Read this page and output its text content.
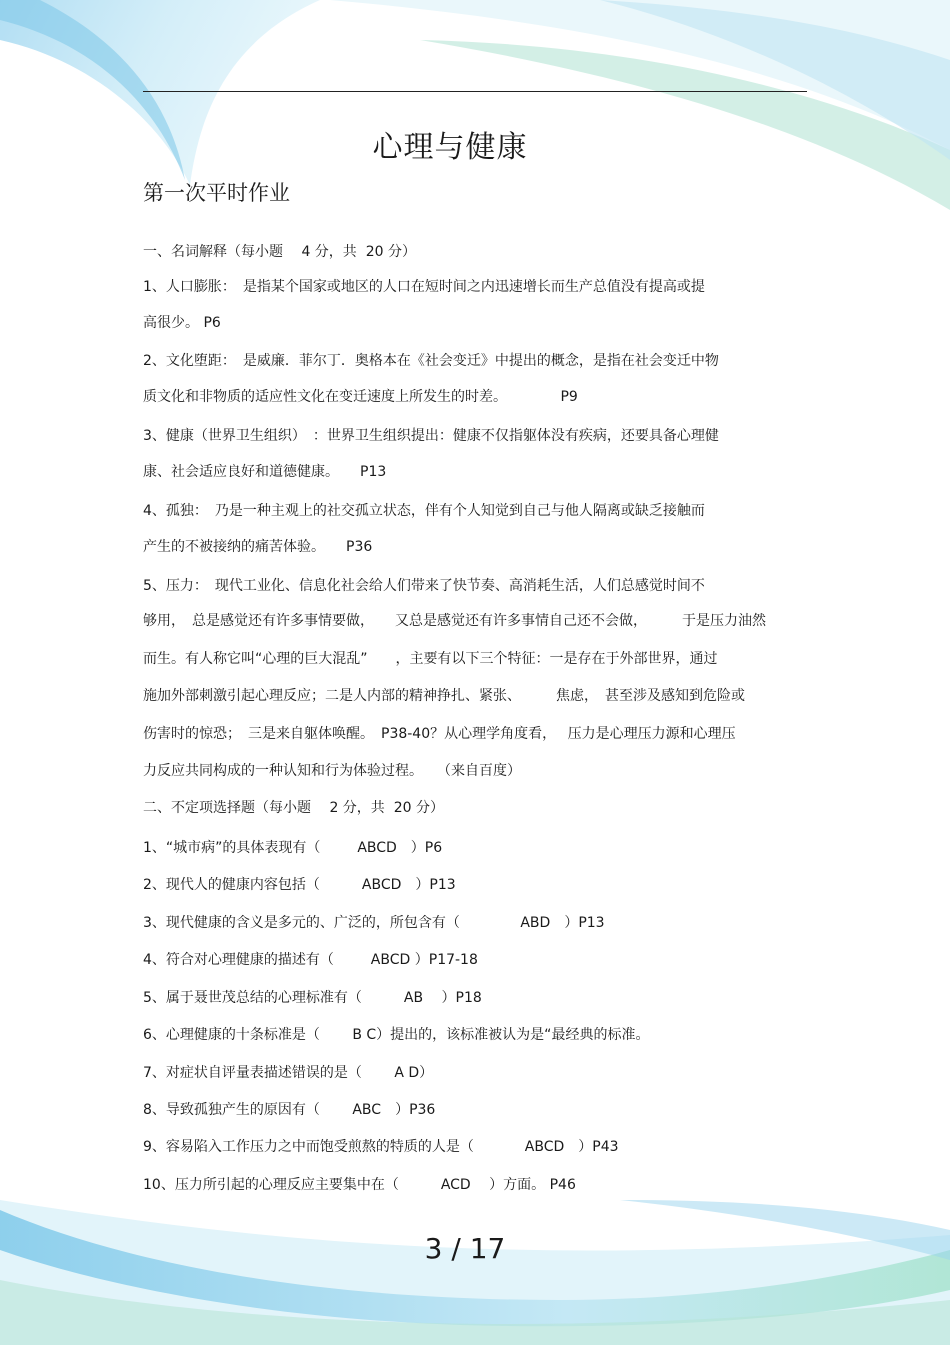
心理与健康
第一次平时作业
一、名词解释（每小题　 4 分，共  20 分）
1、人口膨胀：　是指某个国家或地区的人口在短时间之内迅速增长而生产总值没有提高或提
高很少。 P6
2、文化堕距：　是威廉．菲尔丁．奥格本在《社会变迁》中提出的概念，是指在社会变迁中物
质文化和非物质的适应性文化在变迁速度上所发生的时差。　　　　 P9
3、健康（世界卫生组织）　：世界卫生组织提出：健康不仅指躯体没有疾病，还要具备心理健
康、社会适应良好和道德健康。　　P13
4、孤独：　乃是一种主观上的社交孤立状态，伴有个人知觉到自己与他人隔离或缺乏接触而
产生的不被接纳的痛苦体验。　　P36
5、压力：　现代工业化、信息化社会给人们带来了快节奏、高消耗生活，人们总感觉时间不
够用，　总是感觉还有许多事情要做，　　又总是感觉还有许多事情自己还不会做，　　　于是压力油然
而生。有人称它叫“心理的巨大混乱”　　，主要有以下三个特征：一是存在于外部世界，通过
施加外部刺激引起心理反应；二是人内部的精神挣扎、紧张、　　　焦虑，　甚至涉及感知到危险或
伤害时的惊恐；　三是来自躯体唤醒。　P38-40？从心理学角度看，　 压力是心理压力源和心理压
力反应共同构成的一种认知和行为体验过程。　　（来自百度）
二、不定项选择题（每小题　 2 分，共  20 分）
1、“城市病”的具体表现有（　　  ABCD　）P6
2、现代人的健康内容包括（　　　ABCD　）P13
3、现代健康的含义是多元的、广泛的，所包含有（　　　　 ABD　）P13
4、符合对心理健康的描述有（　　  ABCD ）P17-18
5、属于聂世茂总结的心理标准有（　　　AB　 ）P18
6、心理健康的十条标准是（　　 B C）提出的，该标准被认为是“最经典的标准。
7、对症状自评量表描述错误的是（　　 A D）
8、导致孤独产生的原因有（　　 ABC　）P36
9、容易陷入工作压力之中而饱受煎熬的特质的人是（　　　  ABCD　）P43
10、压力所引起的心理反应主要集中在（　　　ACD　 ）方面。 P46
3 / 17
